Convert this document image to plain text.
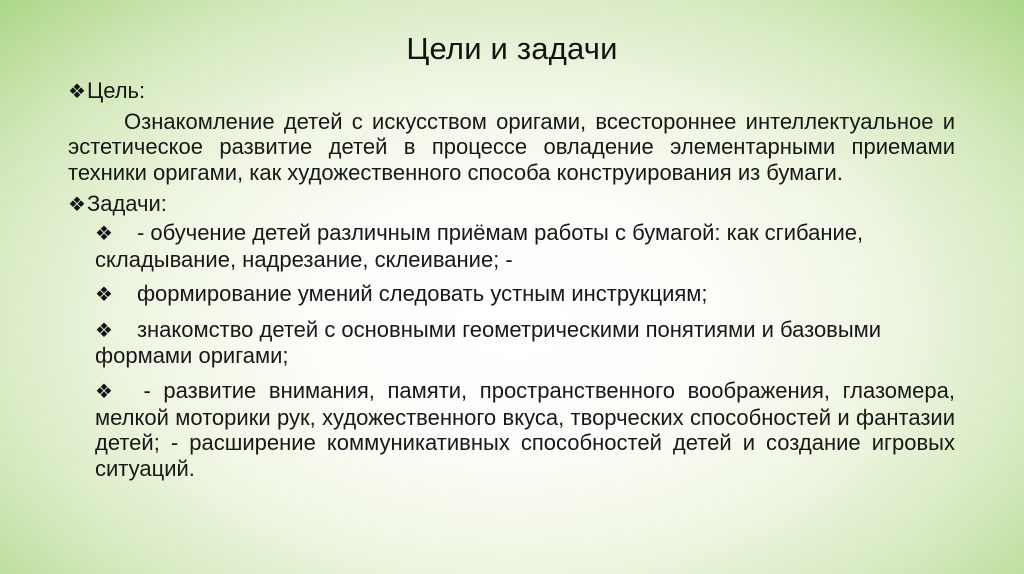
Цели и задачи
❖Цель:

Ознакомление детей с искусством оригами, всестороннее интеллектуальное и эстетическое развитие детей в процессе овладение элементарными приемами техники оригами, как художественного способа конструирования из бумаги.

❖Задачи:
❖ - обучение детей различным приёмам работы с бумагой: как сгибание, складывание, надрезание, склеивание; -
❖ формирование умений следовать устным инструкциям;
❖ знакомство детей с основными геометрическими понятиями и базовыми формами оригами;
❖ - развитие внимания, памяти, пространственного воображения, глазомера, мелкой моторики рук, художественного вкуса, творческих способностей и фантазии детей; - расширение коммуникативных способностей детей и создание игровых ситуаций.
